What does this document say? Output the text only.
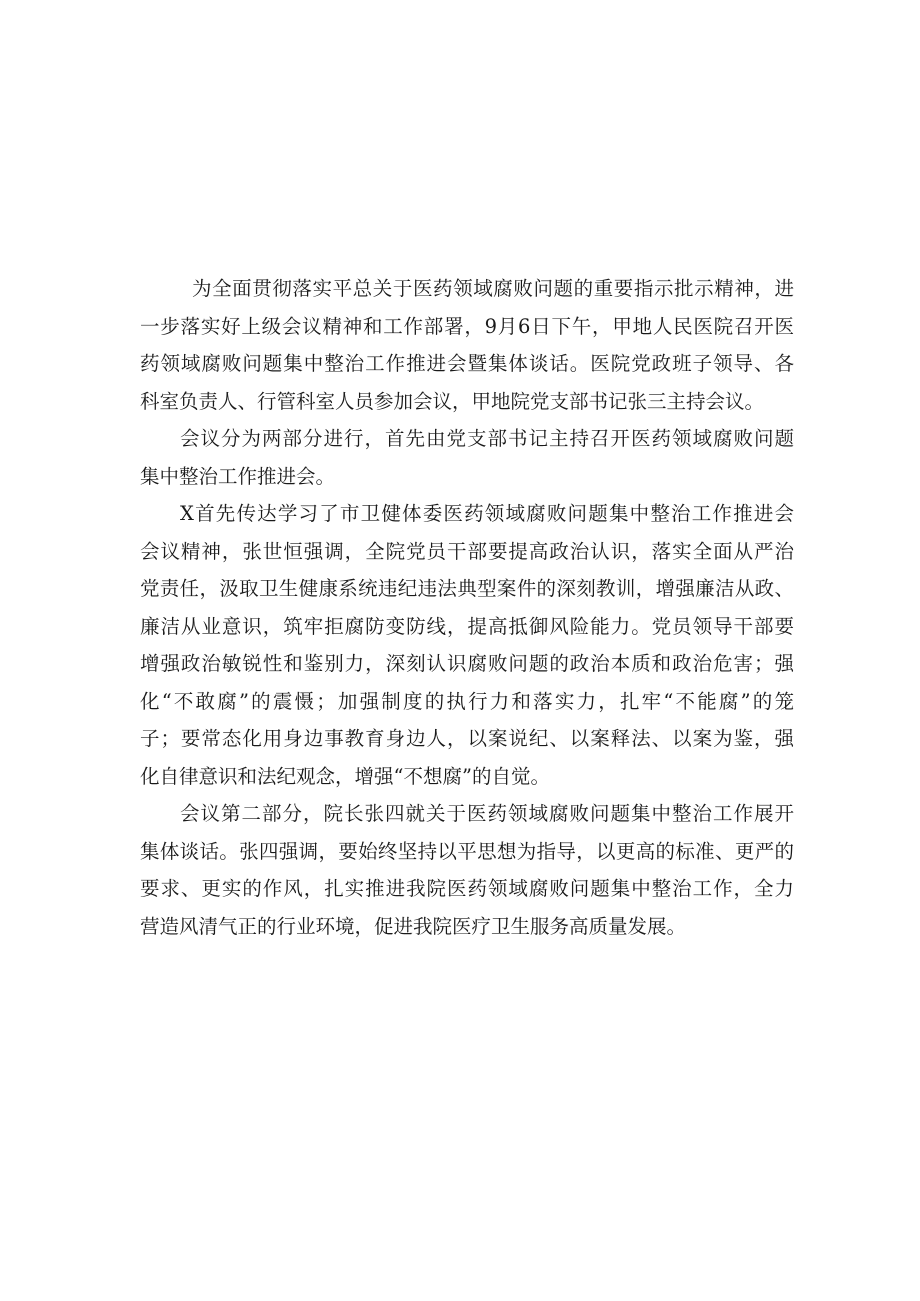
为全面贯彻落实平总关于医药领域腐败问题的重要指示批示精神，进
一步落实好上级会议精神和工作部署，9月6日下午，甲地人民医院召开医
药领域腐败问题集中整治工作推进会暨集体谈话。医院党政班子领导、各
科室负责人、行管科室人员参加会议，甲地院党支部书记张三主持会议。
会议分为两部分进行，首先由党支部书记主持召开医药领域腐败问题
集中整治工作推进会。
X首先传达学习了市卫健体委医药领域腐败问题集中整治工作推进会
会议精神，张世恒强调，全院党员干部要提高政治认识，落实全面从严治
党责任，汲取卫生健康系统违纪违法典型案件的深刻教训，增强廉洁从政、
廉洁从业意识，筑牢拒腐防变防线，提高抵御风险能力。党员领导干部要
增强政治敏锐性和鉴别力，深刻认识腐败问题的政治本质和政治危害；强
化“不敢腐”的震慑；加强制度的执行力和落实力，扎牢“不能腐”的笼
子；要常态化用身边事教育身边人，以案说纪、以案释法、以案为鉴，强
化自律意识和法纪观念，增强“不想腐”的自觉。
会议第二部分，院长张四就关于医药领域腐败问题集中整治工作展开
集体谈话。张四强调，要始终坚持以平思想为指导，以更高的标准、更严的
要求、更实的作风，扎实推进我院医药领域腐败问题集中整治工作，全力
营造风清气正的行业环境，促进我院医疗卫生服务高质量发展。
